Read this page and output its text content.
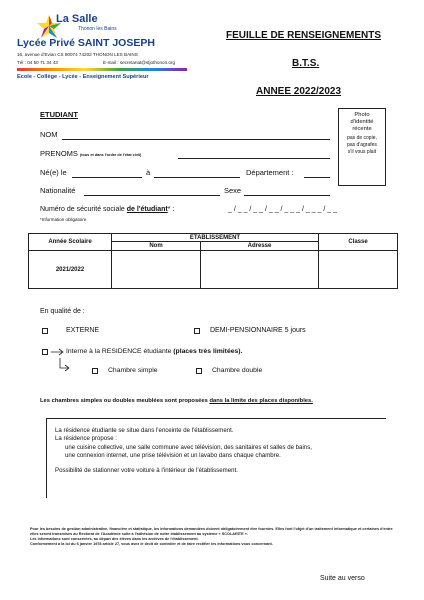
La Salle
Thonon les Bains
Lycée Privé SAINT JOSEPH
16, avenue d'Evian CS 80074 74202 THONON LES BAINS
Tél : 04 50 71 34 43	E-mail : secretariat@stjothonon.org
Ecole - Collège - Lycée - Enseignement Supérieur
FEUILLE DE RENSEIGNEMENTS
B.T.S.
ANNEE 2022/2023
ETUDIANT	Photo
d'identité
récente
pas de copie,
pas d'agrafes
s'il vous plait
NOM
PRENOMS (tous et dans l'ordre de l'état civil)
Né(e) le	à	Département :
Nationalité	Sexe
Numéro de sécurité sociale de l'étudiant* :	_ / _ _ / _ _ / _ _ / _ _ _ / _ _ _ / _ _
*Information obligatoire
Année Scolaire	ETABLISSEMENT		Classe
	Nom	Adresse	
2021/2022			
En qualité de :
EXTERNE	DEMI-PENSIONNAIRE 5 jours
Interne à la RESIDENCE étudiante (places très limitées).
Chambre simple	Chambre double
Les chambres simples ou doubles meublées sont proposées dans la limite des places disponibles.
La résidence étudiante se situe dans l'enceinte de l'établissement.
La résidence propose :
une cuisine collective, une salle commune avec télévision, des sanitaires et salles de bains,
une connexion internet, une prise télévision et un lavabo dans chaque chambre.
Possibilité de stationner votre voiture à l'intérieur de l'établissement.
Pour les besoins de gestion administrative, financière et statistique, les informations demandées doivent obligatoirement être fournies. Elles font l'objet d'un traitement informatique et certaines d'entre elles seront transmises au Rectorat de l'Académie suite à l'adhésion de notre établissement au système « SCOLARITE ».
Les informations sont conservées, au départ des élèves dans les archives de l'établissement.
Conformément à la loi du 6 janvier 1978 article 27, vous avez le droit de contrôler et de faire rectifier les informations vous concernant.
Suite au verso
